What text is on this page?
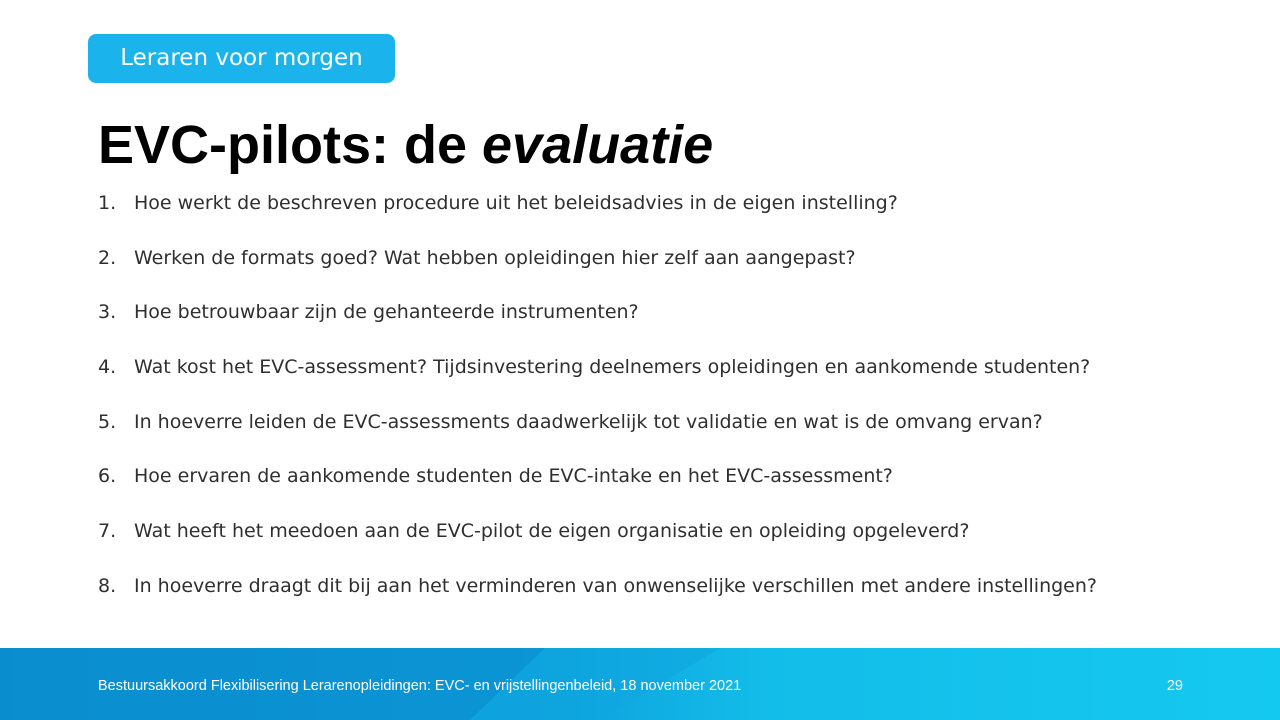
Leraren voor morgen
EVC-pilots: de evaluatie
1. Hoe werkt de beschreven procedure uit het beleidsadvies in de eigen instelling?
2. Werken de formats goed? Wat hebben opleidingen hier zelf aan aangepast?
3. Hoe betrouwbaar zijn de gehanteerde instrumenten?
4. Wat kost het EVC-assessment? Tijdsinvestering deelnemers opleidingen en aankomende studenten?
5. In hoeverre leiden de EVC-assessments daadwerkelijk tot validatie en wat is de omvang ervan?
6. Hoe ervaren de aankomende studenten de EVC-intake en het EVC-assessment?
7. Wat heeft het meedoen aan de EVC-pilot de eigen organisatie en opleiding opgeleverd?
8. In hoeverre draagt dit bij aan het verminderen van onwenselijke verschillen met andere instellingen?
Bestuursakkoord Flexibilisering Lerarenopleidingen: EVC- en vrijstellingenbeleid, 18 november 2021	29
